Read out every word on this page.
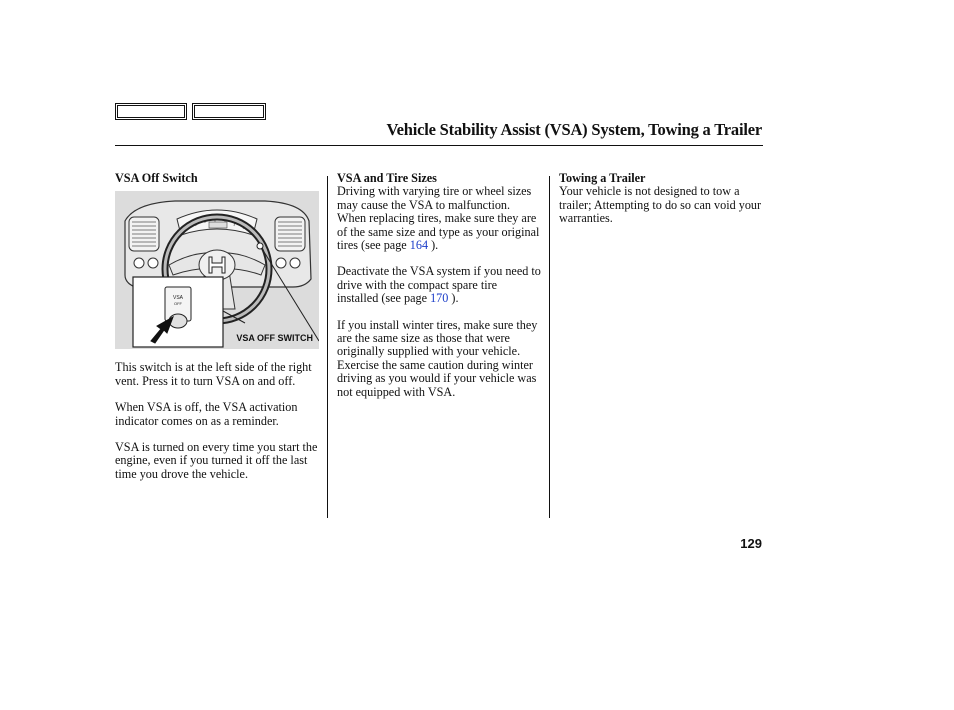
Vehicle Stability Assist (VSA) System, Towing a Trailer
VSA Off Switch
VSA
OFF
VSA OFF SWITCH

This switch is at the left side of the right vent. Press it to turn VSA on and off.

When VSA is off, the VSA activation indicator comes on as a reminder.

VSA is turned on every time you start the engine, even if you turned it off the last time you drove the vehicle.

VSA and Tire Sizes

Driving with varying tire or wheel sizes may cause the VSA to malfunction. When replacing tires, make sure they are of the same size and type as your original tires (see page 164 ).

Deactivate the VSA system if you need to drive with the compact spare tire installed (see page 170 ).

If you install winter tires, make sure they are the same size as those that were originally supplied with your vehicle. Exercise the same caution during winter driving as you would if your vehicle was not equipped with VSA.

Towing a Trailer

Your vehicle is not designed to tow a trailer; Attempting to do so can void your warranties.

129
